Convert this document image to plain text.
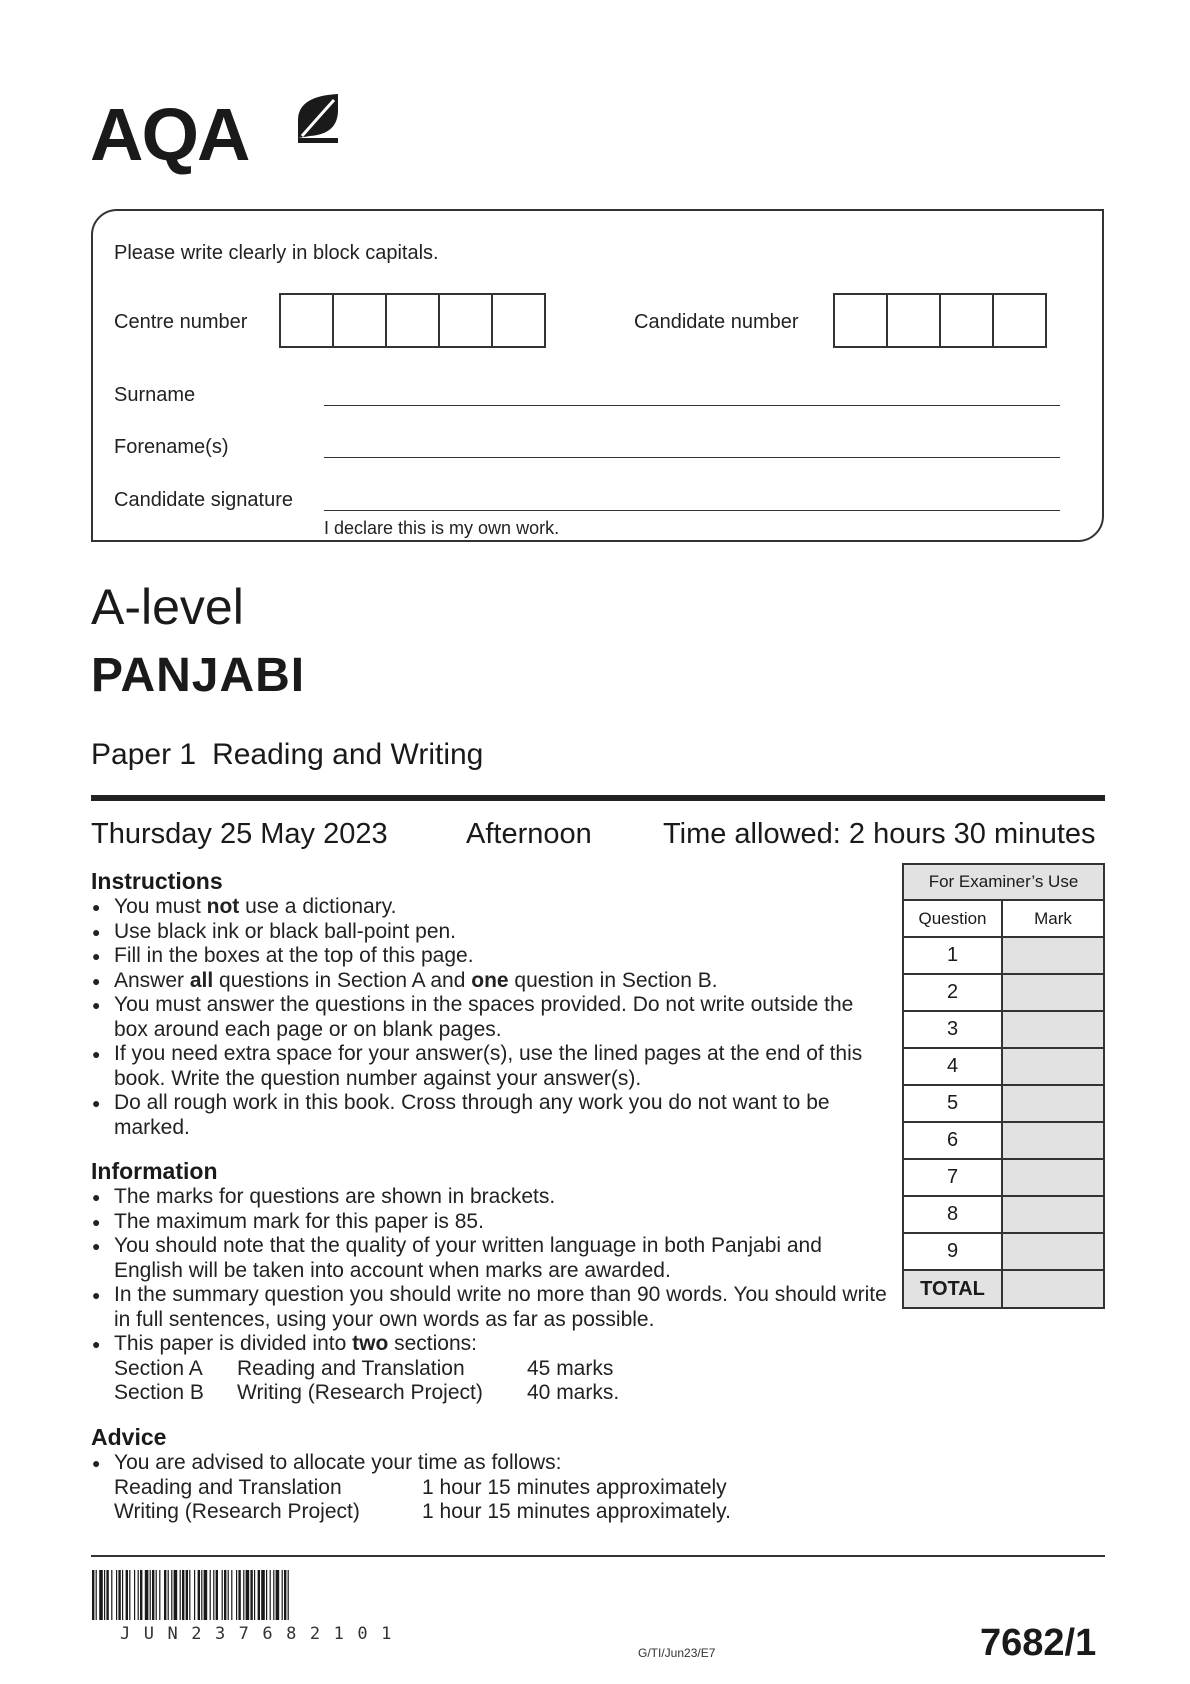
AQA
Please write clearly in block capitals.
Centre number	Candidate number
Surname
Forename(s)
Candidate signature
I declare this is my own work.
A-level
PANJABI
Paper 1 Reading and Writing
Thursday 25 May 2023	Afternoon Time allowed: 2 hours 30 minutes
Instructions
● You must not use a dictionary.
● Use black ink or black ball-point pen.
● Fill in the boxes at the top of this page.
● Answer all questions in Section A and one question in Section B.
● You must answer the questions in the spaces provided. Do not write outside the box around each page or on blank pages.
● If you need extra space for your answer(s), use the lined pages at the end of this book. Write the question number against your answer(s).
● Do all rough work in this book. Cross through any work you do not want to be marked.
Information
● The marks for questions are shown in brackets.
● The maximum mark for this paper is 85.
● You should note that the quality of your written language in both Panjabi and English will be taken into account when marks are awarded.
● In the summary question you should write no more than 90 words. You should write in full sentences, using your own words as far as possible.
● This paper is divided into two sections:
Section A	Reading and Translation	45 marks
Section B	Writing (Research Project)	40 marks.
Advice
● You are advised to allocate your time as follows:
Reading and Translation	1 hour 15 minutes approximately
Writing (Research Project)	1 hour 15 minutes approximately.
For Examiner’s Use	
Question	Mark
1	
2	
3	
4	
5	
6	
7	
8	
9	
TOTAL	
JUN237682101
G/TI/Jun23/E7	7682/1
